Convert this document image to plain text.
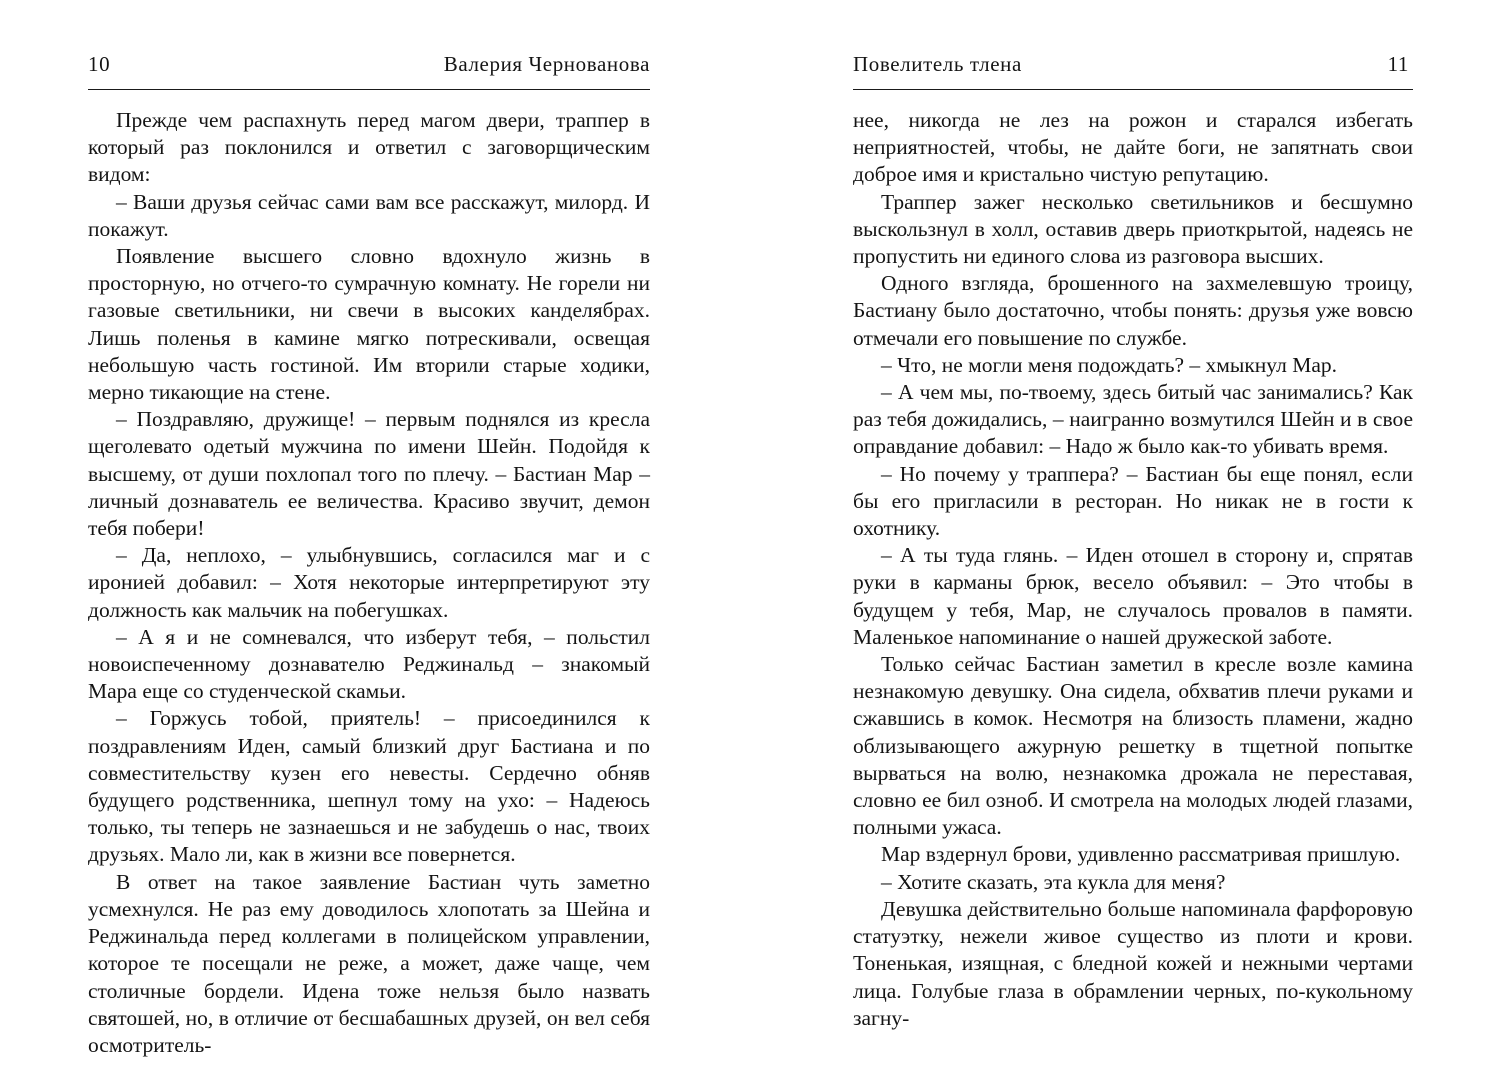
10	Валерия Чернованова

Прежде чем распахнуть перед магом двери, траппер в который раз поклонился и ответил с заговорщическим видом:

– Ваши друзья сейчас сами вам все расскажут, милорд. И покажут.

Появление высшего словно вдохнуло жизнь в просторную, но отчего-то сумрачную комнату. Не горели ни газовые светильники, ни свечи в высоких канделябрах. Лишь поленья в камине мягко потрескивали, освещая небольшую часть гостиной. Им вторили старые ходики, мерно тикающие на стене.

– Поздравляю, дружище! – первым поднялся из кресла щеголевато одетый мужчина по имени Шейн. Подойдя к высшему, от души похлопал того по плечу. – Бастиан Мар – личный дознаватель ее величества. Красиво звучит, демон тебя побери!

– Да, неплохо, – улыбнувшись, согласился маг и с иронией добавил: – Хотя некоторые интерпретируют эту должность как мальчик на побегушках.

– А я и не сомневался, что изберут тебя, – польстил новоиспеченному дознавателю Реджинальд – знакомый Мара еще со студенческой скамьи.

– Горжусь тобой, приятель! – присоединился к поздравлениям Иден, самый близкий друг Бастиана и по совместительству кузен его невесты. Сердечно обняв будущего родственника, шепнул тому на ухо: – Надеюсь только, ты теперь не зазнаешься и не забудешь о нас, твоих друзьях. Мало ли, как в жизни все повернется.

В ответ на такое заявление Бастиан чуть заметно усмехнулся. Не раз ему доводилось хлопотать за Шейна и Реджинальда перед коллегами в полицейском управлении, которое те посещали не реже, а может, даже чаще, чем столичные бордели. Идена тоже нельзя было назвать святошей, но, в отличие от бесшабашных друзей, он вел себя осмотритель-

Повелитель тлена	11

нее, никогда не лез на рожон и старался избегать неприятностей, чтобы, не дайте боги, не запятнать свои доброе имя и кристально чистую репутацию.

Траппер зажег несколько светильников и бесшумно выскользнул в холл, оставив дверь приоткрытой, надеясь не пропустить ни единого слова из разговора высших.

Одного взгляда, брошенного на захмелевшую троицу, Бастиану было достаточно, чтобы понять: друзья уже вовсю отмечали его повышение по службе.

– Что, не могли меня подождать? – хмыкнул Мар.

– А чем мы, по-твоему, здесь битый час занимались? Как раз тебя дожидались, – наигранно возмутился Шейн и в свое оправдание добавил: – Надо ж было как-то убивать время.

– Но почему у траппера? – Бастиан бы еще понял, если бы его пригласили в ресторан. Но никак не в гости к охотнику.

– А ты туда глянь. – Иден отошел в сторону и, спрятав руки в карманы брюк, весело объявил: – Это чтобы в будущем у тебя, Мар, не случалось провалов в памяти. Маленькое напоминание о нашей дружеской заботе.

Только сейчас Бастиан заметил в кресле возле камина незнакомую девушку. Она сидела, обхватив плечи руками и сжавшись в комок. Несмотря на близость пламени, жадно облизывающего ажурную решетку в тщетной попытке вырваться на волю, незнакомка дрожала не переставая, словно ее бил озноб. И смотрела на молодых людей глазами, полными ужаса.

Мар вздернул брови, удивленно рассматривая пришлую.

– Хотите сказать, эта кукла для меня?

Девушка действительно больше напоминала фарфоровую статуэтку, нежели живое существо из плоти и крови. Тоненькая, изящная, с бледной кожей и нежными чертами лица. Голубые глаза в обрамлении черных, по-кукольному загну-
